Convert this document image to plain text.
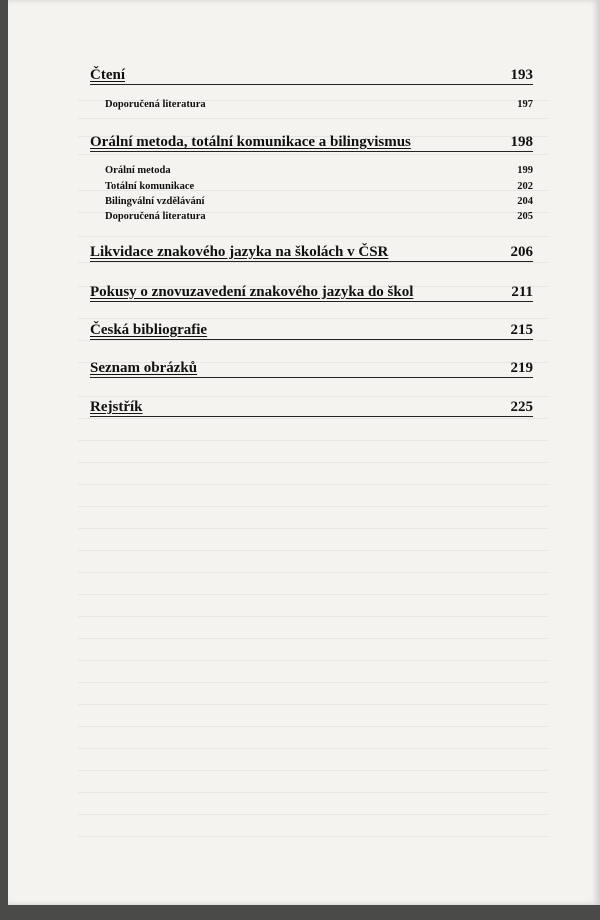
Čtení	193
Doporučená literatura	197
Orální metoda, totální komunikace a bilingvismus	198
Orální metoda	199
Totální komunikace	202
Bilingvální vzdělávání	204
Doporučená literatura	205
Likvidace znakového jazyka na školách v ČSR	206
Pokusy o znovuzavedení znakového jazyka do škol	211
Česká bibliografie	215
Seznam obrázků	219
Rejstřík	225
